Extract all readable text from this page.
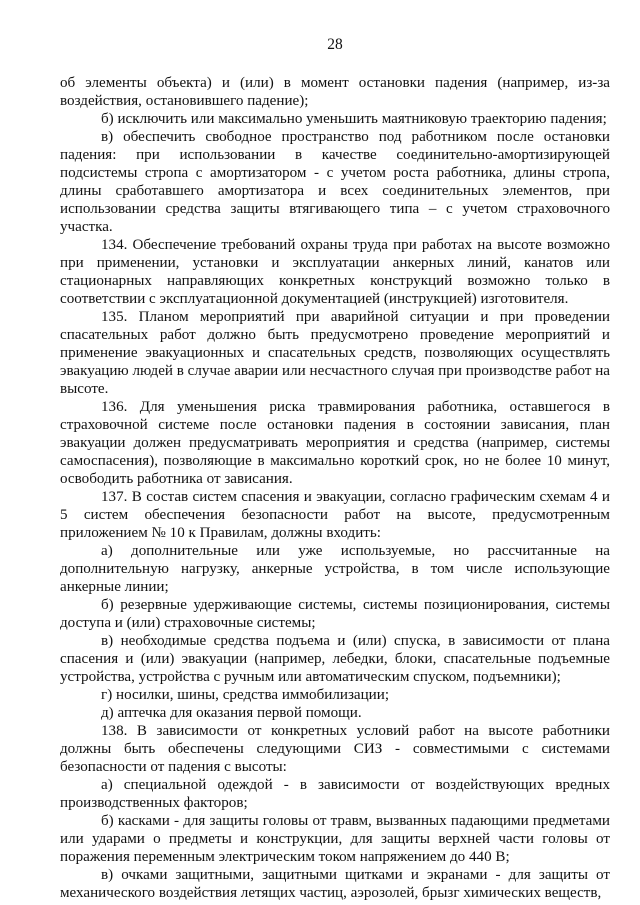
28

об элементы объекта) и (или) в момент остановки падения (например, из-за воздействия, остановившего падение);

б) исключить или максимально уменьшить маятниковую траекторию падения;

в) обеспечить свободное пространство под работником после остановки падения: при использовании в качестве соединительно-амортизирующей подсистемы стропа с амортизатором - с учетом роста работника, длины стропа, длины сработавшего амортизатора и всех соединительных элементов, при использовании средства защиты втягивающего типа – с учетом страховочного участка.

134. Обеспечение требований охраны труда при работах на высоте возможно при применении, установки и эксплуатации анкерных линий, канатов или стационарных направляющих конкретных конструкций возможно только в соответствии с эксплуатационной документацией (инструкцией) изготовителя.

135. Планом мероприятий при аварийной ситуации и при проведении спасательных работ должно быть предусмотрено проведение мероприятий и применение эвакуационных и спасательных средств, позволяющих осуществлять эвакуацию людей в случае аварии или несчастного случая при производстве работ на высоте.

136. Для уменьшения риска травмирования работника, оставшегося в страховочной системе после остановки падения в состоянии зависания, план эвакуации должен предусматривать мероприятия и средства (например, системы самоспасения), позволяющие в максимально короткий срок, но не более 10 минут, освободить работника от зависания.

137. В состав систем спасения и эвакуации, согласно графическим схемам 4 и 5 систем обеспечения безопасности работ на высоте, предусмотренным приложением № 10 к Правилам, должны входить:

а) дополнительные или уже используемые, но рассчитанные на дополнительную нагрузку, анкерные устройства, в том числе использующие анкерные линии;

б) резервные удерживающие системы, системы позиционирования, системы доступа и (или) страховочные системы;

в) необходимые средства подъема и (или) спуска, в зависимости от плана спасения и (или) эвакуации (например, лебедки, блоки, спасательные подъемные устройства, устройства с ручным или автоматическим спуском, подъемники);

г) носилки, шины, средства иммобилизации;

д) аптечка для оказания первой помощи.

138. В зависимости от конкретных условий работ на высоте работники должны быть обеспечены следующими СИЗ - совместимыми с системами безопасности от падения с высоты:

а) специальной одеждой - в зависимости от воздействующих вредных производственных факторов;

б) касками - для защиты головы от травм, вызванных падающими предметами или ударами о предметы и конструкции, для защиты верхней части головы от поражения переменным электрическим током напряжением до 440 В;

в) очками защитными, защитными щитками и экранами - для защиты от механического воздействия летящих частиц, аэрозолей, брызг химических веществ,
